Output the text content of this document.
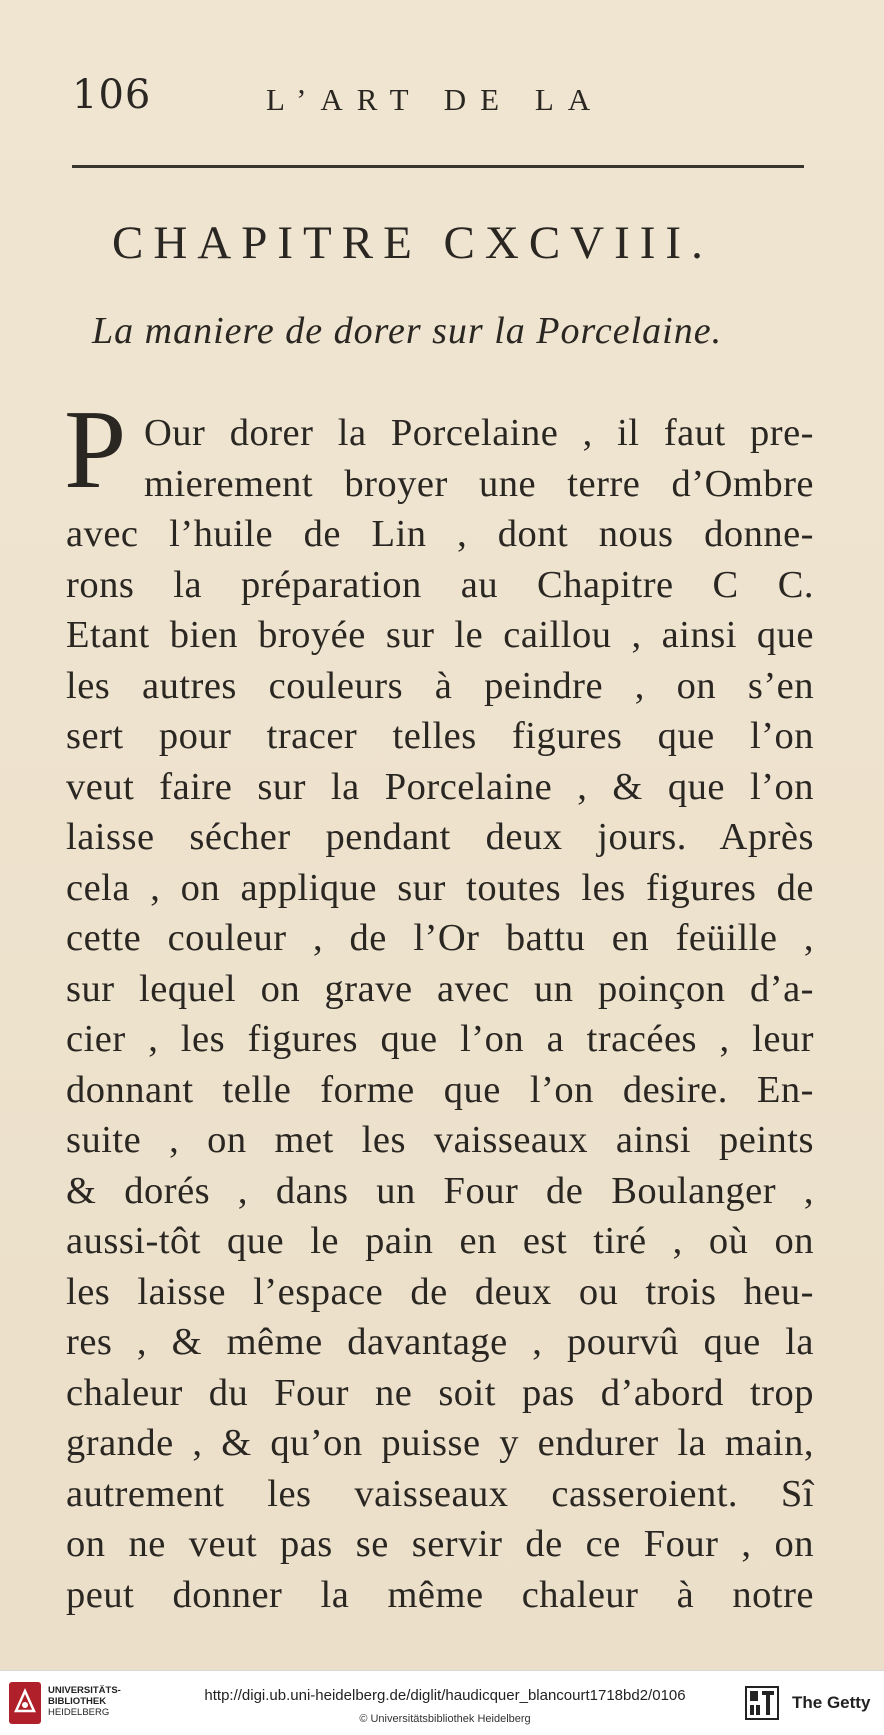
106	L’ART DE LA
CHAPITRE CXCVIII.
La maniere de dorer sur la Porcelaine.
P Our dorer la Porcelaine , il faut pre-
mierement broyer une terre d’Ombre
avec l’huile de Lin , dont nous donne-
rons la préparation au Chapitre C C.
Etant bien broyée sur le caillou , ainsi que
les autres couleurs à peindre , on s’en
sert pour tracer telles figures que l’on
veut faire sur la Porcelaine , & que l’on
laisse sécher pendant deux jours. Après
cela , on applique sur toutes les figures de
cette couleur , de l’Or battu en feüille ,
sur lequel on grave avec un poinçon d’a-
cier , les figures que l’on a tracées , leur
donnant telle forme que l’on desire. En-
suite , on met les vaisseaux ainsi peints
& dorés , dans un Four de Boulanger ,
aussi-tôt que le pain en est tiré , où on
les laisse l’espace de deux ou trois heu-
res , & même davantage , pourvû que la
chaleur du Four ne soit pas d’abord trop
grande , & qu’on puisse y endurer la main,
autrement les vaisseaux casseroient. Sî
on ne veut pas se servir de ce Four , on
peut donner la même chaleur à notre
UNIVERSITÄTS-
BIBLIOTHEK
HEIDELBERG
http://digi.ub.uni-heidelberg.de/diglit/haudicquer_blancourt1718bd2/0106
© Universitätsbibliothek Heidelberg
The Getty
